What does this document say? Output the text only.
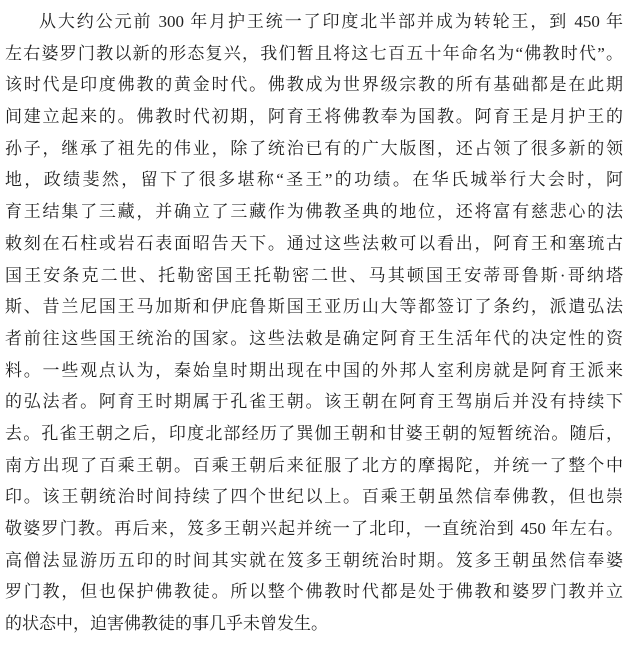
从大约公元前 300 年月护王统一了印度北半部并成为转轮王，到 450 年
左右婆罗门教以新的形态复兴，我们暂且将这七百五十年命名为“佛教时代”。
该时代是印度佛教的黄金时代。佛教成为世界级宗教的所有基础都是在此期
间建立起来的。佛教时代初期，阿育王将佛教奉为国教。阿育王是月护王的
孙子，继承了祖先的伟业，除了统治已有的广大版图，还占领了很多新的领
地，政绩斐然，留下了很多堪称“圣王”的功绩。在华氏城举行大会时，阿
育王结集了三藏，并确立了三藏作为佛教圣典的地位，还将富有慈悲心的法
敕刻在石柱或岩石表面昭告天下。通过这些法敕可以看出，阿育王和塞琉古
国王安条克二世、托勒密国王托勒密二世、马其顿国王安蒂哥鲁斯·哥纳塔
斯、昔兰尼国王马加斯和伊庇鲁斯国王亚历山大等都签订了条约，派遣弘法
者前往这些国王统治的国家。这些法敕是确定阿育王生活年代的决定性的资
料。一些观点认为，秦始皇时期出现在中国的外邦人室利房就是阿育王派来
的弘法者。阿育王时期属于孔雀王朝。该王朝在阿育王驾崩后并没有持续下
去。孔雀王朝之后，印度北部经历了巽伽王朝和甘婆王朝的短暂统治。随后，
南方出现了百乘王朝。百乘王朝后来征服了北方的摩揭陀，并统一了整个中
印。该王朝统治时间持续了四个世纪以上。百乘王朝虽然信奉佛教，但也崇
敬婆罗门教。再后来，笈多王朝兴起并统一了北印，一直统治到 450 年左右。
高僧法显游历五印的时间其实就在笈多王朝统治时期。笈多王朝虽然信奉婆
罗门教，但也保护佛教徒。所以整个佛教时代都是处于佛教和婆罗门教并立
的状态中，迫害佛教徒的事几乎未曾发生。
